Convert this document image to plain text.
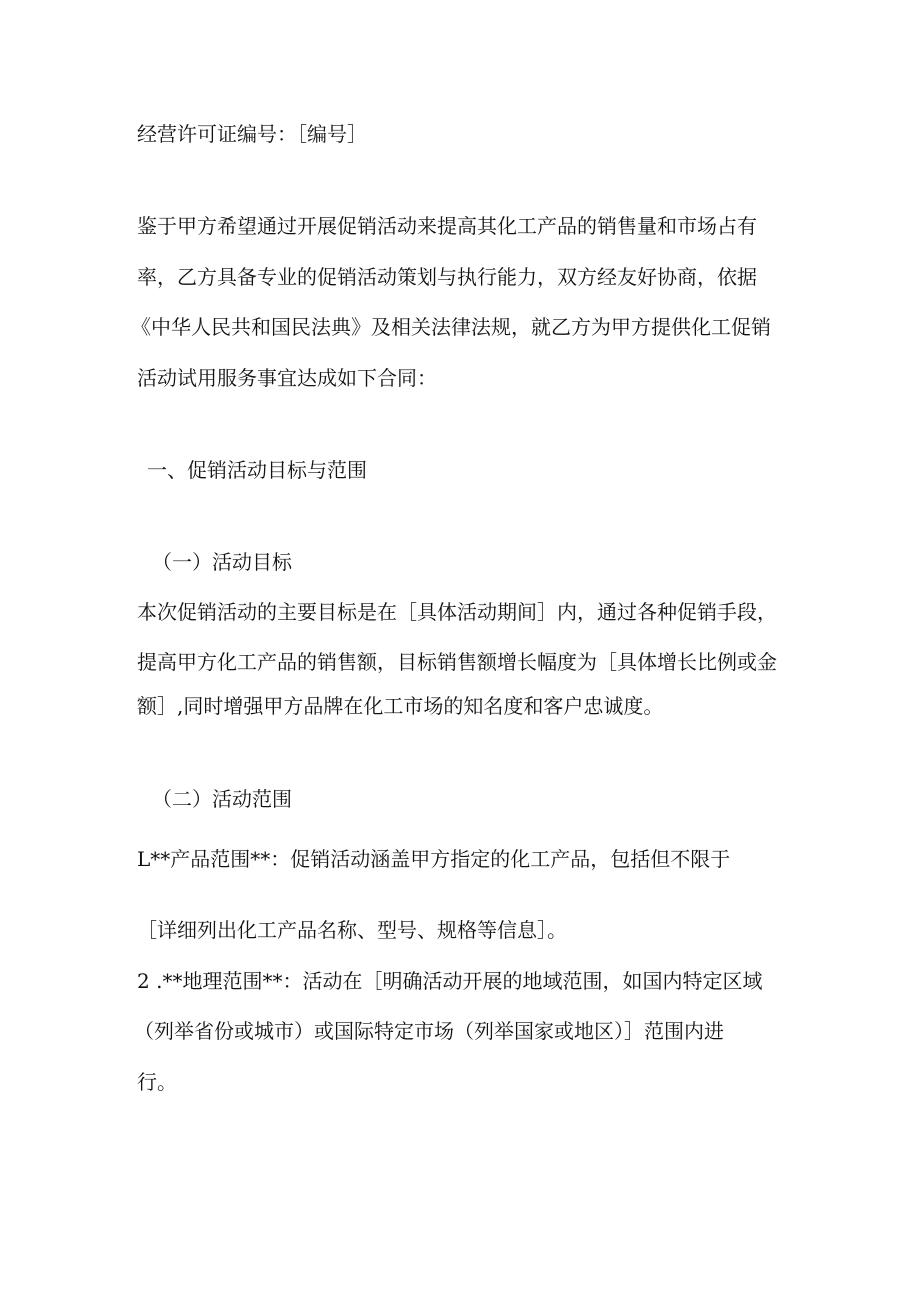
经营许可证编号：［编号］

鉴于甲方希望通过开展促销活动来提高其化工产品的销售量和市场占有

率，乙方具备专业的促销活动策划与执行能力，双方经友好协商，依据

《中华人民共和国民法典》及相关法律法规，就乙方为甲方提供化工促销

活动试用服务事宜达成如下合同：

一、促销活动目标与范围

（一）活动目标

本次促销活动的主要目标是在［具体活动期间］内，通过各种促销手段，

提高甲方化工产品的销售额，目标销售额增长幅度为［具体增长比例或金

额］,同时增强甲方品牌在化工市场的知名度和客户忠诚度。

（二）活动范围

L**产品范围**：促销活动涵盖甲方指定的化工产品，包括但不限于

［详细列出化工产品名称、型号、规格等信息］。

2 .**地理范围**：活动在［明确活动开展的地域范围，如国内特定区域

（列举省份或城市）或国际特定市场（列举国家或地区）］范围内进

行。
